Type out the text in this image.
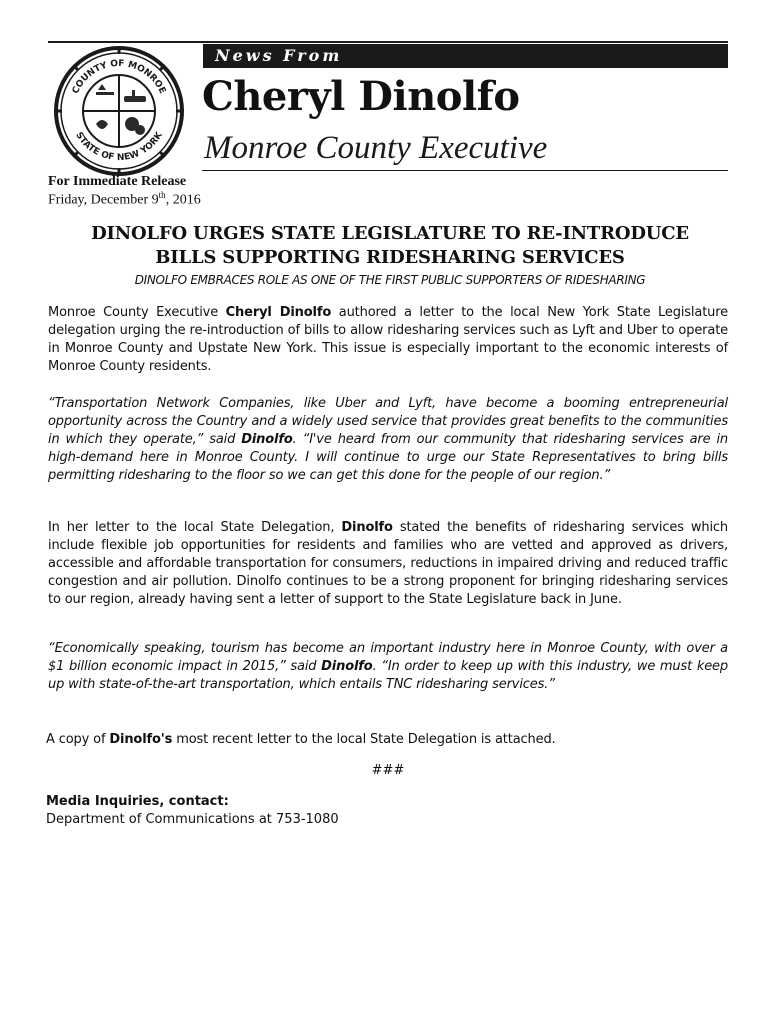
COUNTY OF MONROE
STATE OF NEW YORK
News From
Cheryl Dinolfo
Monroe County Executive
For Immediate Release
Friday, December 9th, 2016
DINOLFO URGES STATE LEGISLATURE TO RE-INTRODUCE
BILLS SUPPORTING RIDESHARING SERVICES
DINOLFO EMBRACES ROLE AS ONE OF THE FIRST PUBLIC SUPPORTERS OF RIDESHARING
Monroe County Executive Cheryl Dinolfo authored a letter to the local New York State Legislature delegation urging the re-introduction of bills to allow ridesharing services such as Lyft and Uber to operate in Monroe County and Upstate New York. This issue is especially important to the economic interests of Monroe County residents.
“Transportation Network Companies, like Uber and Lyft, have become a booming entrepreneurial opportunity across the Country and a widely used service that provides great benefits to the communities in which they operate,” said Dinolfo. “I've heard from our community that ridesharing services are in high-demand here in Monroe County. I will continue to urge our State Representatives to bring bills permitting ridesharing to the floor so we can get this done for the people of our region.”
In her letter to the local State Delegation, Dinolfo stated the benefits of ridesharing services which include flexible job opportunities for residents and families who are vetted and approved as drivers, accessible and affordable transportation for consumers, reductions in impaired driving and reduced traffic congestion and air pollution. Dinolfo continues to be a strong proponent for bringing ridesharing services to our region, already having sent a letter of support to the State Legislature back in June.
“Economically speaking, tourism has become an important industry here in Monroe County, with over a $1 billion economic impact in 2015,” said Dinolfo. “In order to keep up with this industry, we must keep up with state-of-the-art transportation, which entails TNC ridesharing services.”
A copy of Dinolfo's most recent letter to the local State Delegation is attached.
###
Media Inquiries, contact:
Department of Communications at 753-1080
